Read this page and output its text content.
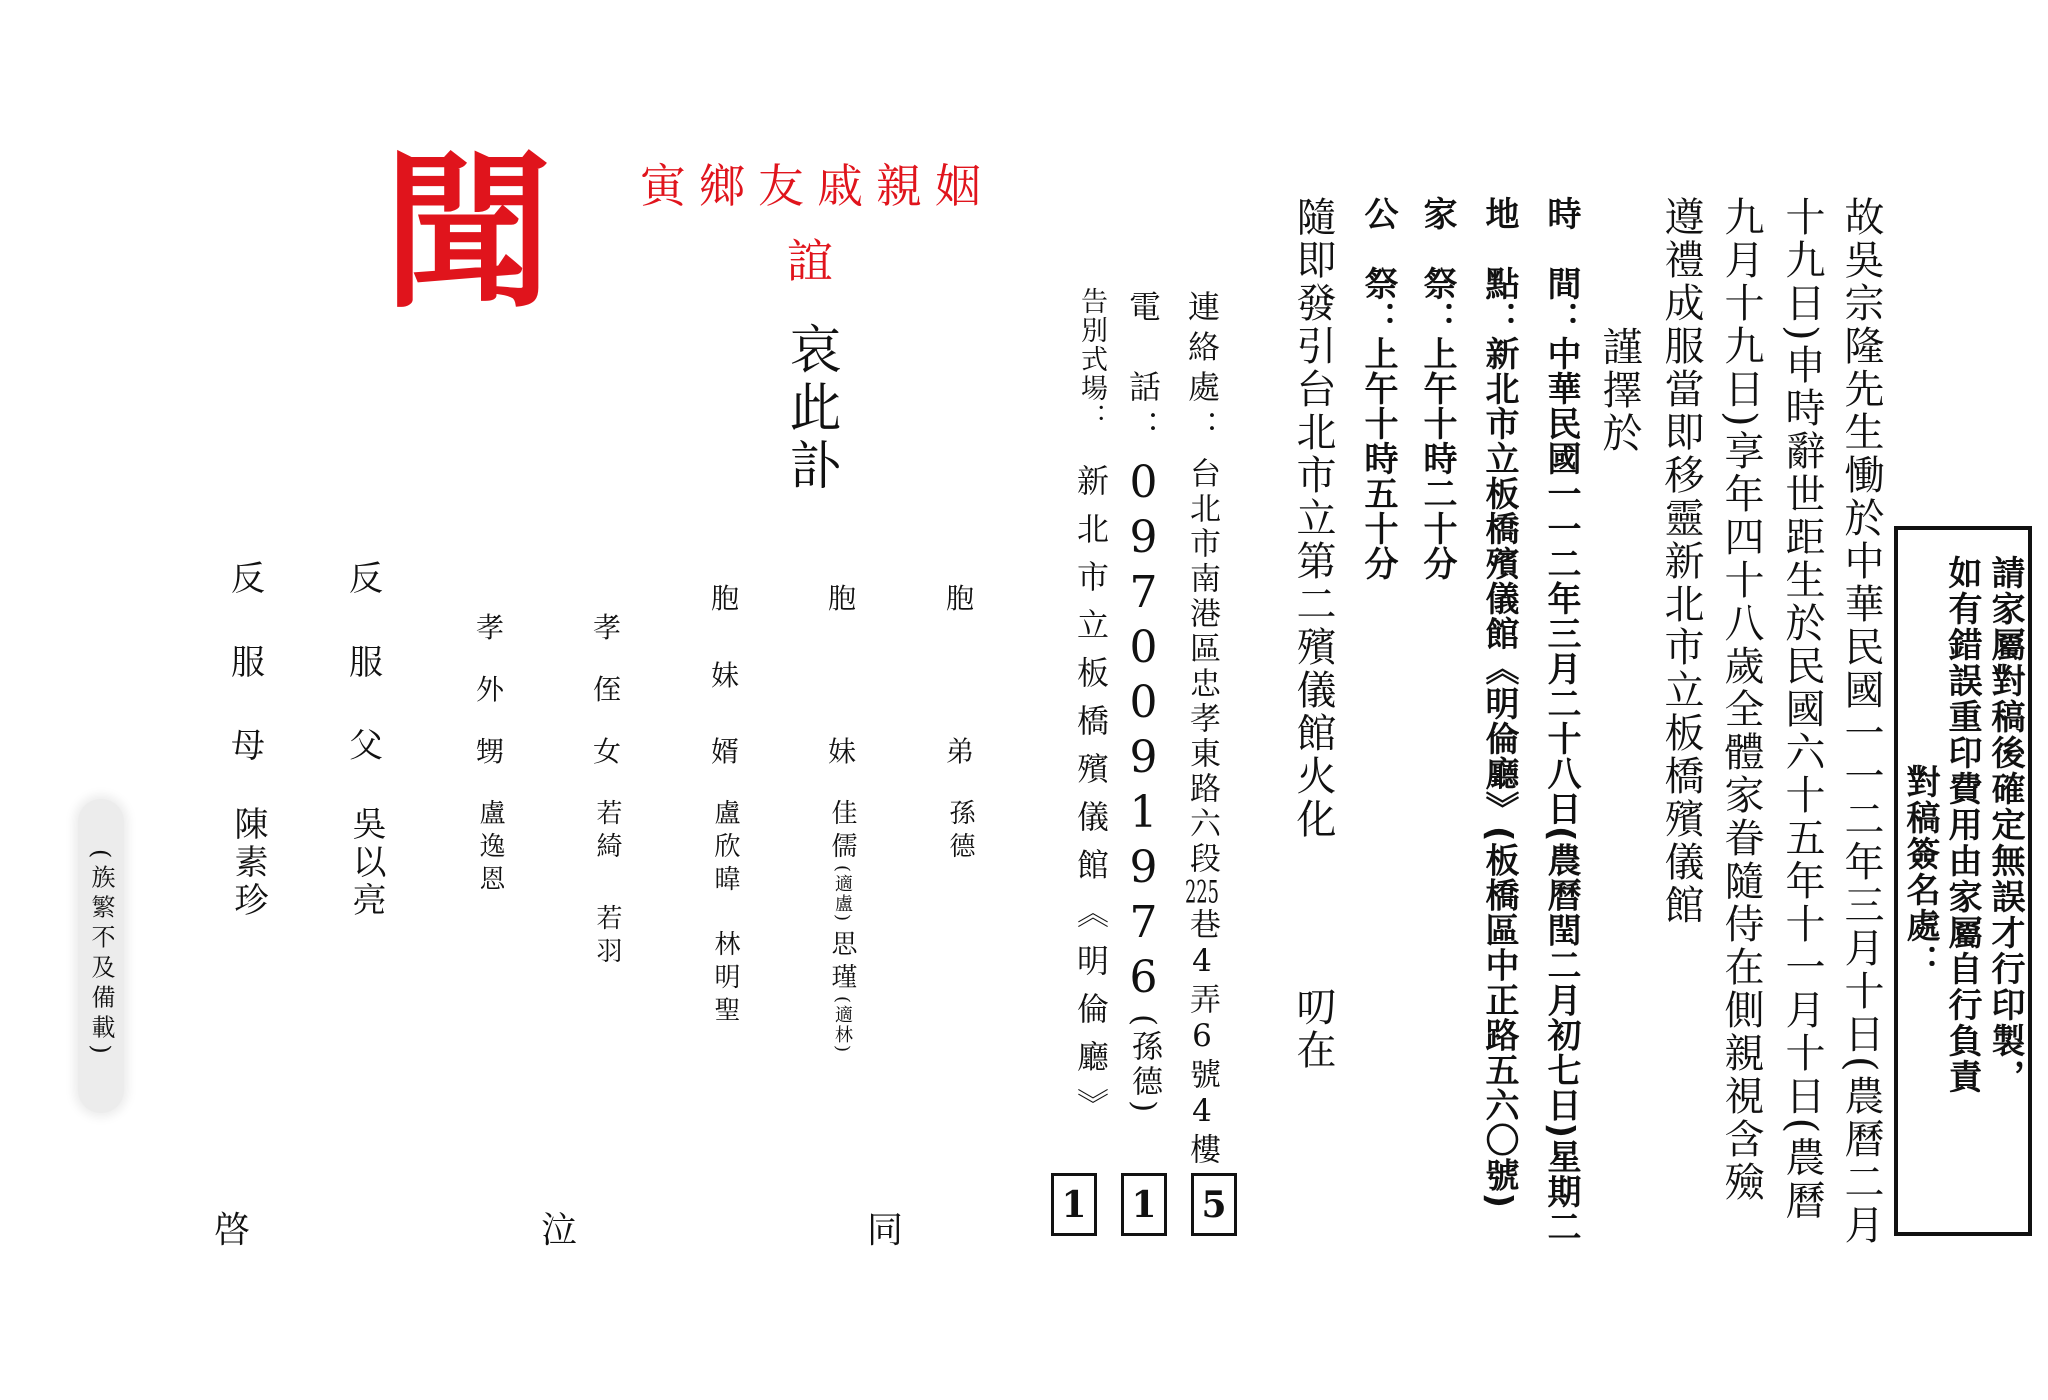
請家屬對稿後確定無誤才行印製，
如有錯誤重印費用由家屬自行負責
對稿簽名處：
故吳宗隆先生慟於中華民國一一二年三月十日(農曆二月
十九日)申時辭世距生於民國六十五年十一月十日(農曆
九月十九日)享年四十八歲全體家眷隨侍在側親視含殮
遵禮成服當即移靈新北市立板橋殯儀館
謹擇於
時　間：中華民國一一二年三月二十八日(農曆閏二月初七日)星期二
地　點：新北市立板橋殯儀館《明倫廳》(板橋區中正路五六〇號)
家　祭：上午十時二十分
公　祭：上午十時五十分
隨即發引台北市立第二殯儀館火化
叨在
連絡處：
台北市南港區忠孝東路六段225巷4弄6號4樓
電　話：
0970091976
(孫德)
告別式場：
新北市立板橋殯儀館《明倫廳》
1 1 5
寅鄉友戚親姻
誼
哀此訃
聞
胞
弟
孫德
胞
妹
佳儒(適盧)
思瑾(適林)
胞
妹
婿
盧欣暐
林明聖
孝
侄
女
若綺
若羽
孝
外
甥
盧逸恩
反
服
父
吳以亮
反
服
母
陳素珍
(族繁不及備載)
同
泣
啓
